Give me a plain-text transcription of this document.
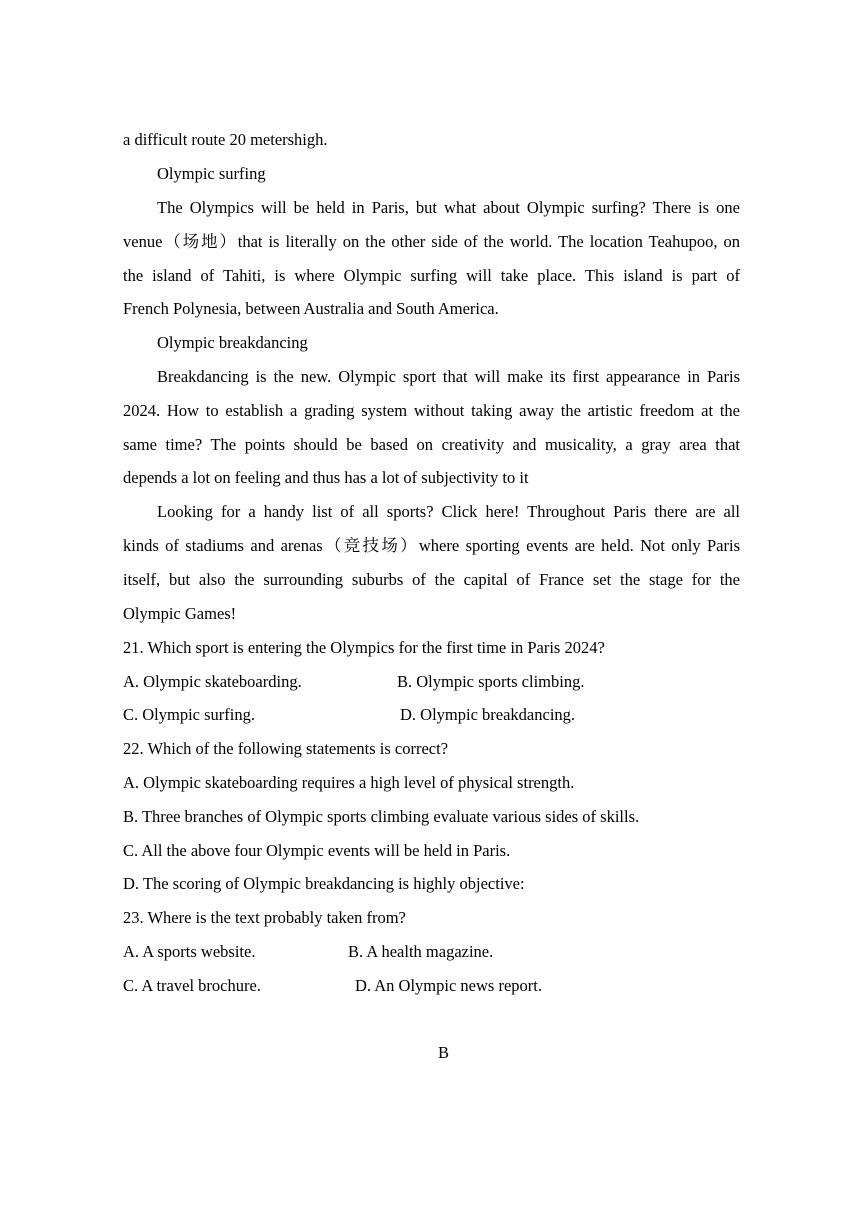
a difficult route 20 metershigh.
Olympic surfing
The Olympics will be held in Paris, but what about Olympic surfing? There is one
venue（场地）that is literally on the other side of the world. The location Teahupoo, on
the island of Tahiti, is where Olympic surfing will take place. This island is part of
French Polynesia, between Australia and South America.
Olympic breakdancing
Breakdancing is the new. Olympic sport that will make its first appearance in Paris
2024. How to establish a grading system without taking away the artistic freedom at the
same time? The points should be based on creativity and musicality, a gray area that
depends a lot on feeling and thus has a lot of subjectivity to it
Looking for a handy list of all sports? Click here! Throughout Paris there are all
kinds of stadiums and arenas（竞技场）where sporting events are held. Not only Paris
itself, but also the surrounding suburbs of the capital of France set the stage for the
Olympic Games!
21. Which sport is entering the Olympics for the first time in Paris 2024?
A. Olympic skateboarding.	B. Olympic sports climbing.
C. Olympic surfing.	D. Olympic breakdancing.
22. Which of the following statements is correct?
A. Olympic skateboarding requires a high level of physical strength.
B. Three branches of Olympic sports climbing evaluate various sides of skills.
C. All the above four Olympic events will be held in Paris.
D. The scoring of Olympic breakdancing is highly objective:
23. Where is the text probably taken from?
A. A sports website.	B. A health magazine.
C. A travel brochure.	D. An Olympic news report.
B
